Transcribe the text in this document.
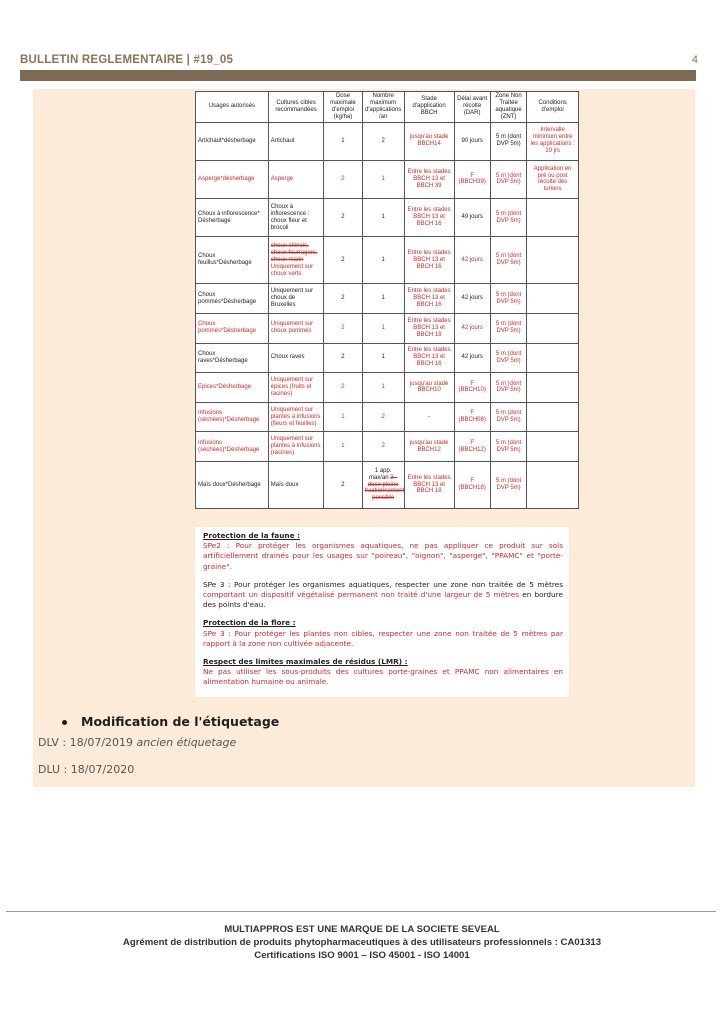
BULLETIN REGLEMENTAIRE | #19_05	4
Usages autorisés	Cultures cibles recommandées	Dose maximale d'emploi (kg/ha)	Nombre maximum d'applications /an	Stade d'application BBCH	Délai avant récolte (DAR)	Zone Non Traitée aquatique (ZNT)	Conditions d'emploi
Artichaut*désherbage	Artichaut	1	2	jusqu'au stade BBCH14	90 jours	5 m (dont DVP 5m)	Intervalle minimum entre les applications : 10 jrs
Asperge*désherbage	Asperge	2	1	Entre les stades BBCH 13 et BBCH 39	F (BBCH39)	5 m (dont DVP 5m)	Application en pré ou post récolte des turions
Choux à inflorescence* Désherbage	Choux à inflorescence : choux fleur et brocoli	2	1	Entre les stades BBCH 13 et BBCH 16	49 jours	5 m (dont DVP 5m)	
Choux feuillus*Désherbage	choux chinois, choux fourragers, choux marin Uniquement sur choux verts	2	1	Entre les stades BBCH 13 et BBCH 16	42 jours	5 m (dont DVP 5m)	
Choux pommés*Désherbage	Uniquement sur choux de Bruxelles	2	1	Entre les stades BBCH 13 et BBCH 16	42 jours	5 m (dont DVP 5m)	
Choux pommés*Désherbage	Uniquement sur choux pommés	2	1	Entre les stades BBCH 13 et BBCH 18	42 jours	5 m (dont DVP 5m)	
Choux raves*Désherbage	Choux raves	2	1	Entre les stades BBCH 13 et BBCH 16	42 jours	5 m (dont DVP 5m)	
Epices*Désherbage	Uniquement sur épices (fruits et racines)	2	1	jusqu'au stade BBCH10	F (BBCH10)	5 m (dont DVP 5m)	
Infusions (séchées)*Désherbage	Uniquement sur plantes à infusions (fleurs et feuilles)	1	2	-	F (BBCH08)	5 m (dont DVP 5m)	
Infusions (séchées)*Désherbage	Uniquement sur plantes à infusions (racines)	1	2	jusqu'au stade BBCH12	F (BBCH12)	5 m (dont DVP 5m)	
Maïs doux*Désherbage	Maïs doux	2	1 app. max/an 3 - dose pleine fractionnement possible	Entre les stades BBCH 13 et BBCH 18	F (BBCH18)	5 m (dont DVP 5m)	

Protection de la faune :

SPe2 : Pour protéger les organismes aquatiques, ne pas appliquer ce produit sur sols artificiellement drainés pour les usages sur "poireau", "oignon", "asperge", "PPAMC" et "porte-graine".

SPe 3 : Pour protéger les organismes aquatiques, respecter une zone non traitée de 5 mètres comportant un dispositif végétalisé permanent non traité d'une largeur de 5 mètres en bordure des points d'eau.

Protection de la flore :

SPe 3 : Pour protéger les plantes non cibles, respecter une zone non traitée de 5 mètres par rapport à la zone non cultivée adjacente.

Respect des limites maximales de résidus (LMR) :

Ne pas utiliser les sous-produits des cultures porte-graines et PPAMC non alimentaires en alimentation humaine ou animale.

Modification de l'étiquetage
DLV : 18/07/2019 ancien étiquetage
DLU : 18/07/2020
MULTIAPPROS EST UNE MARQUE DE LA SOCIETE SEVEAL
Agrément de distribution de produits phytopharmaceutiques à des utilisateurs professionnels : CA01313
Certifications ISO 9001 – ISO 45001 - ISO 14001
